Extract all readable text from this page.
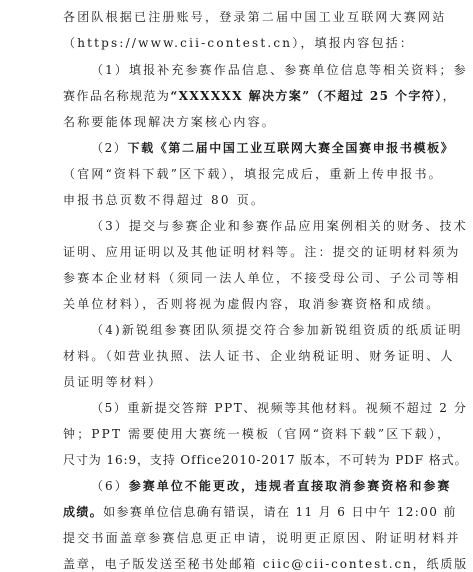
各团队根据已注册账号，登录第二届中国工业互联网大赛网站
（https://www.cii-contest.cn），填报内容包括：
（1）填报补充参赛作品信息、参赛单位信息等相关资料；参
赛作品名称规范为“XXXXXX 解决方案”（不超过 25 个字符），
名称要能体现解决方案核心内容。
（2）下载《第二届中国工业互联网大赛全国赛申报书模板》
（官网“资料下载”区下载），填报完成后，重新上传申报书。
申报书总页数不得超过 80 页。
（3）提交与参赛企业和参赛作品应用案例相关的财务、技术
证明、应用证明以及其他证明材料等。注：提交的证明材料须为
参赛本企业材料（须同一法人单位，不接受母公司、子公司等相
关单位材料），否则将视为虚假内容，取消参赛资格和成绩。
（4)新锐组参赛团队须提交符合参加新锐组资质的纸质证明
材料。（如营业执照、法人证书、企业纳税证明、财务证明、人
员证明等材料）
（5）重新提交答辩 PPT、视频等其他材料。视频不超过 2 分
钟；PPT 需要使用大赛统一模板（官网“资料下载”区下载），
尺寸为 16:9，支持 Office2010-2017 版本，不可转为 PDF 格式。
（6）参赛单位不能更改，违规者直接取消参赛资格和参赛
成绩。如参赛单位信息确有错误，请在 11 月 6 日中午 12:00 前
提交书面盖章参赛信息更正申请，说明更正原因、附证明材料并
盖章，电子版发送至秘书处邮箱 ciic@cii-contest.cn，纸质版
